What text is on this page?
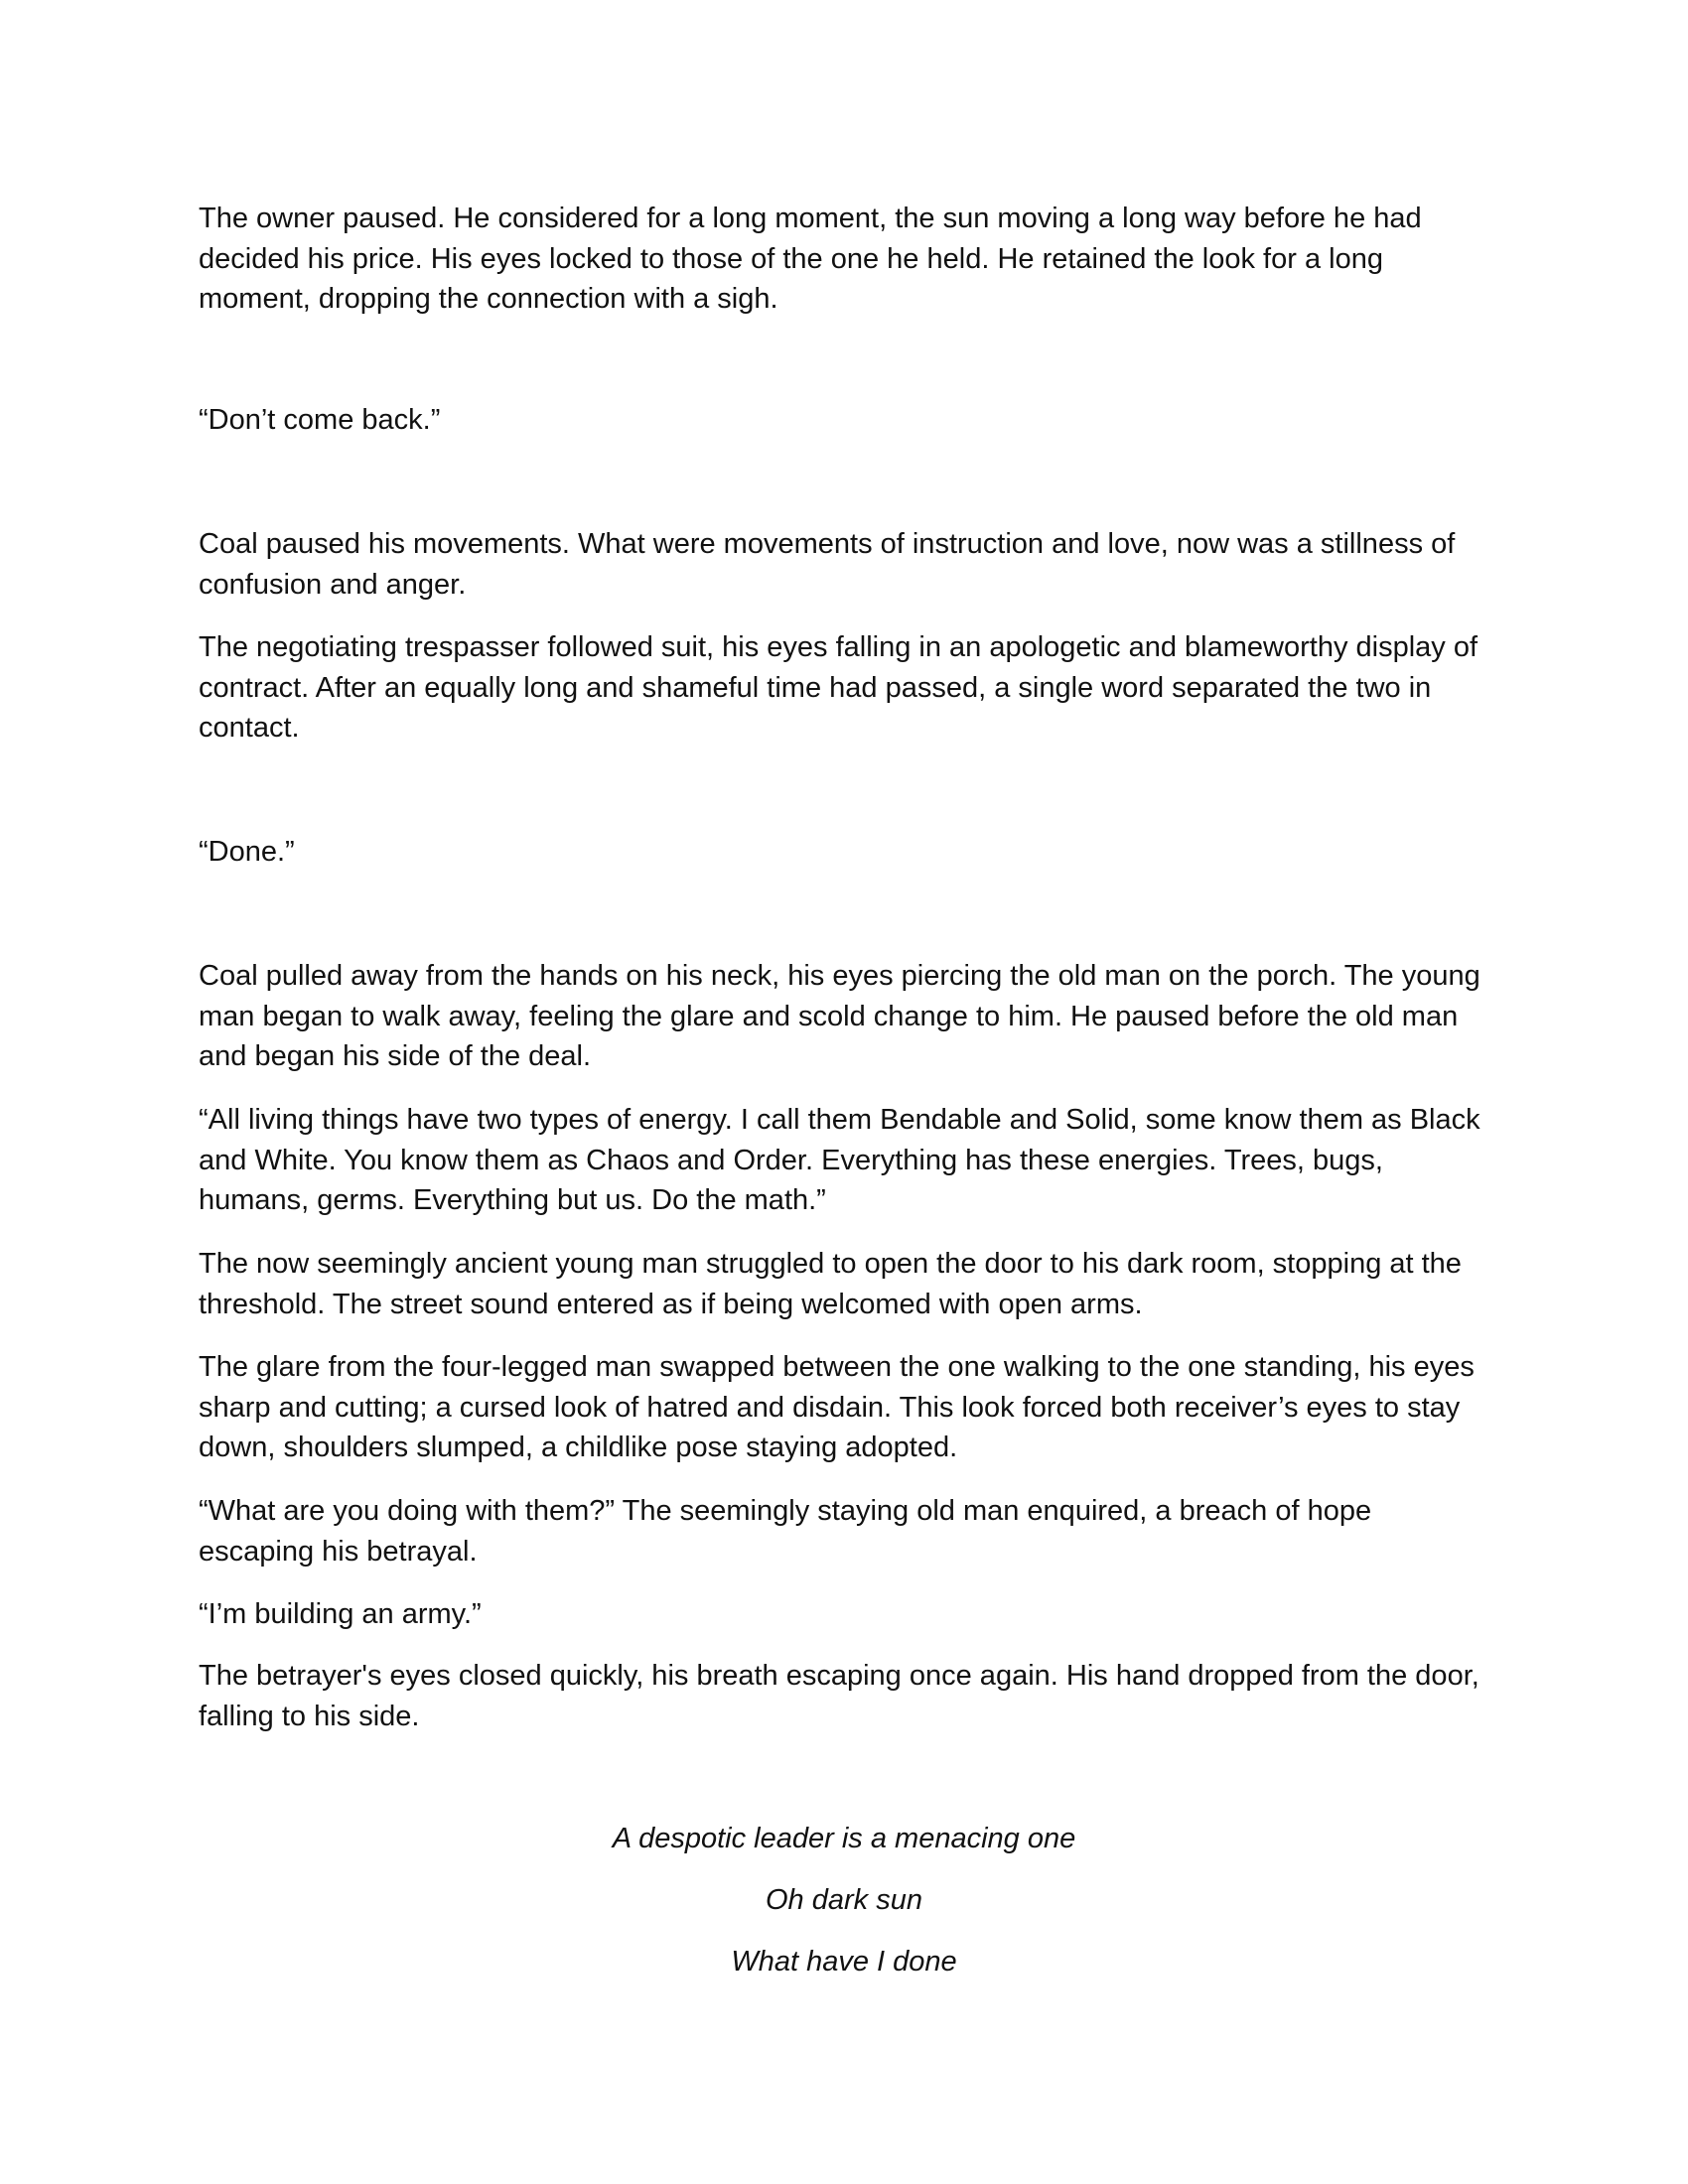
The owner paused. He considered for a long moment, the sun moving a long way before he had decided his price. His eyes locked to those of the one he held. He retained the look for a long moment, dropping the connection with a sigh.

“Don’t come back.”

Coal paused his movements. What were movements of instruction and love, now was a stillness of confusion and anger.

The negotiating trespasser followed suit, his eyes falling in an apologetic and blameworthy display of contract. After an equally long and shameful time had passed, a single word separated the two in contact.

“Done.”

Coal pulled away from the hands on his neck, his eyes piercing the old man on the porch. The young man began to walk away, feeling the glare and scold change to him. He paused before the old man and began his side of the deal.

“All living things have two types of energy. I call them Bendable and Solid, some know them as Black and White. You know them as Chaos and Order. Everything has these energies. Trees, bugs, humans, germs. Everything but us. Do the math.”

The now seemingly ancient young man struggled to open the door to his dark room, stopping at the threshold. The street sound entered as if being welcomed with open arms.

The glare from the four-legged man swapped between the one walking to the one standing, his eyes sharp and cutting; a cursed look of hatred and disdain. This look forced both receiver’s eyes to stay down, shoulders slumped, a childlike pose staying adopted.

“What are you doing with them?” The seemingly staying old man enquired, a breach of hope escaping his betrayal.

“I’m building an army.”

The betrayer's eyes closed quickly, his breath escaping once again. His hand dropped from the door, falling to his side.

A despotic leader is a menacing one

Oh dark sun

What have I done
